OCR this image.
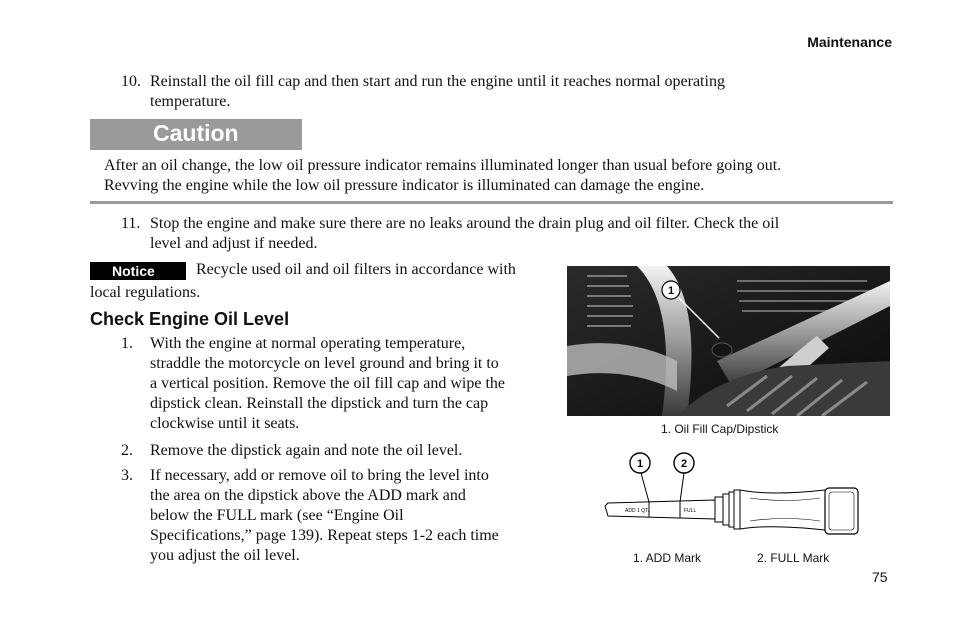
Maintenance
10. Reinstall the oil fill cap and then start and run the engine until it reaches normal operating
temperature.
Caution
After an oil change, the low oil pressure indicator remains illuminated longer than usual before going out.
Revving the engine while the low oil pressure indicator is illuminated can damage the engine.
11. Stop the engine and make sure there are no leaks around the drain plug and oil filter. Check the oil
level and adjust if needed.
Notice	Recycle used oil and oil filters in accordance with
local regulations.
Check Engine Oil Level
1. With the engine at normal operating temperature,
straddle the motorcycle on level ground and bring it to
a vertical position. Remove the oil fill cap and wipe the
dipstick clean. Reinstall the dipstick and turn the cap
clockwise until it seats.
2. Remove the dipstick again and note the oil level.
3. If necessary, add or remove oil to bring the level into
the area on the dipstick above the ADD mark and
below the FULL mark (see “Engine Oil
Specifications,” page 139). Repeat steps 1-2 each time
you adjust the oil level.
1
1. Oil Fill Cap/Dipstick
1	2
ADD 1 QT.	FULL
1. ADD Mark	2. FULL Mark
75
